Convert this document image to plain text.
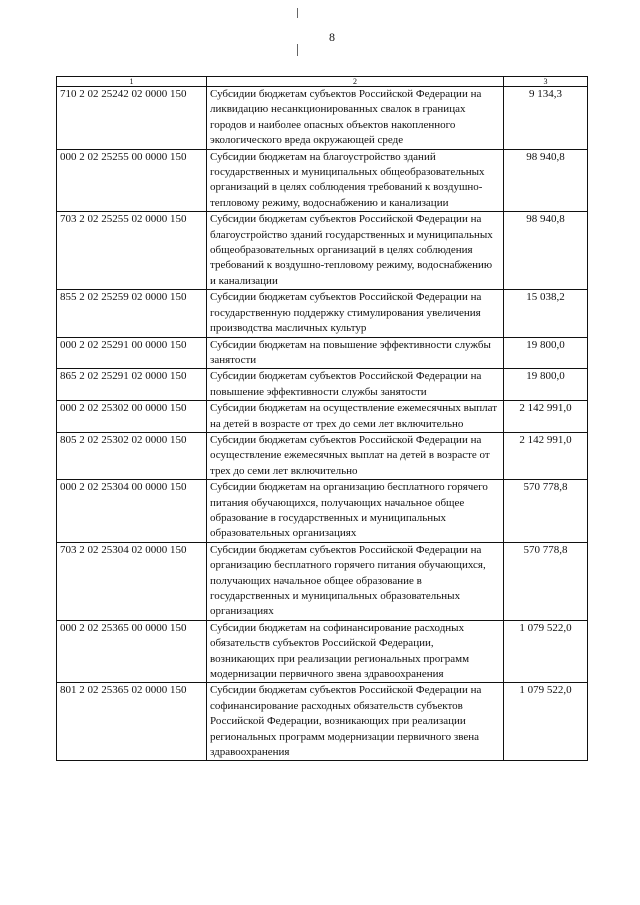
8
1	2	3
710 2 02 25242 02 0000 150	Субсидии бюджетам субъектов Российской Федерации на ликвидацию несанкционированных свалок в границах городов и наиболее опасных объектов накопленного экологического вреда окружающей среде	9 134,3
000 2 02 25255 00 0000 150	Субсидии бюджетам на благоустройство зданий государственных и муниципальных общеобразовательных организаций в целях соблюдения требований к воздушно-тепловому режиму, водоснабжению и канализации	98 940,8
703 2 02 25255 02 0000 150	Субсидии бюджетам субъектов Российской Федерации на благоустройство зданий государственных и муниципальных общеобразовательных организаций в целях соблюдения требований к воздушно-тепловому режиму, водоснабжению и канализации	98 940,8
855 2 02 25259 02 0000 150	Субсидии бюджетам субъектов Российской Федерации на государственную поддержку стимулирования увеличения производства масличных культур	15 038,2
000 2 02 25291 00 0000 150	Субсидии бюджетам на повышение эффективности службы занятости	19 800,0
865 2 02 25291 02 0000 150	Субсидии бюджетам субъектов Российской Федерации на повышение эффективности службы занятости	19 800,0
000 2 02 25302 00 0000 150	Субсидии бюджетам на осуществление ежемесячных выплат на детей в возрасте от трех до семи лет включительно	2 142 991,0
805 2 02 25302 02 0000 150	Субсидии бюджетам субъектов Российской Федерации на осуществление ежемесячных выплат на детей в возрасте от трех до семи лет включительно	2 142 991,0
000 2 02 25304 00 0000 150	Субсидии бюджетам на организацию бесплатного горячего питания обучающихся, получающих начальное общее образование в государственных и муниципальных образовательных организациях	570 778,8
703 2 02 25304 02 0000 150	Субсидии бюджетам субъектов Российской Федерации на организацию бесплатного горячего питания обучающихся, получающих начальное общее образование в государственных и муниципальных образовательных организациях	570 778,8
000 2 02 25365 00 0000 150	Субсидии бюджетам на софинансирование расходных обязательств субъектов Российской Федерации, возникающих при реализации региональных программ модернизации первичного звена здравоохранения	1 079 522,0
801 2 02 25365 02 0000 150	Субсидии бюджетам субъектов Российской Федерации на софинансирование расходных обязательств субъектов Российской Федерации, возникающих при реализации региональных программ модернизации первичного звена здравоохранения	1 079 522,0
